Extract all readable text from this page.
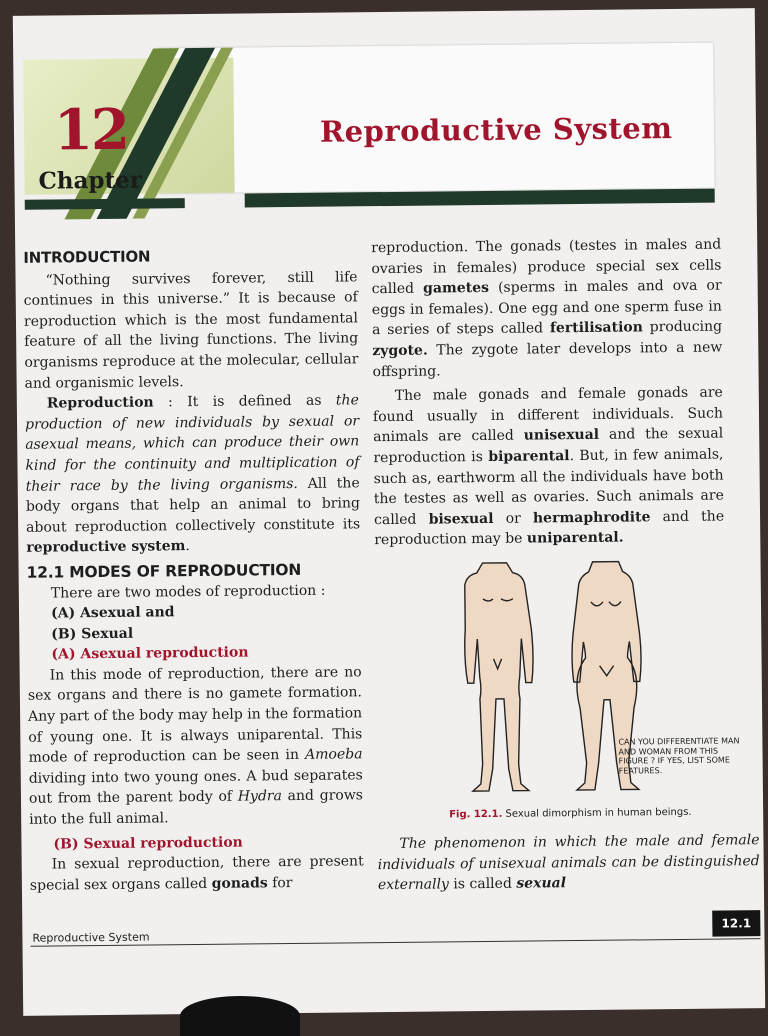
12
Chapter
Reproductive System
INTRODUCTION

“Nothing survives forever, still life continues in this universe.” It is because of reproduction which is the most fundamental feature of all the living functions. The living organisms reproduce at the molecular, cellular and organismic levels.

Reproduction : It is defined as the production of new individuals by sexual or asexual means, which can produce their own kind for the continuity and multiplication of their race by the living organisms. All the body organs that help an animal to bring about reproduction collectively constitute its reproductive system.

12.1 MODES OF REPRODUCTION

There are two modes of reproduction :

(A) Asexual and

(B) Sexual

(A) Asexual reproduction

In this mode of reproduction, there are no sex organs and there is no gamete formation. Any part of the body may help in the formation of young one. It is always uniparental. This mode of reproduction can be seen in Amoeba dividing into two young ones. A bud separates out from the parent body of Hydra and grows into the full animal.

(B) Sexual reproduction

In sexual reproduction, there are present special sex organs called gonads for

reproduction. The gonads (testes in males and ovaries in females) produce special sex cells called gametes (sperms in males and ova or eggs in females). One egg and one sperm fuse in a series of steps called fertilisation producing zygote. The zygote later develops into a new offspring.

The male gonads and female gonads are found usually in different individuals. Such animals are called unisexual and the sexual reproduction is biparental. But, in few animals, such as, earthworm all the individuals have both the testes as well as ovaries. Such animals are called bisexual or hermaphrodite and the reproduction may be uniparental.

CAN YOU DIFFERENTIATE MAN AND WOMAN FROM THIS FIGURE ? IF YES, LIST SOME FEATURES.
Fig. 12.1. Sexual dimorphism in human beings.

The phenomenon in which the male and female individuals of unisexual animals can be distinguished externally is called sexual

Reproductive System
12.1
